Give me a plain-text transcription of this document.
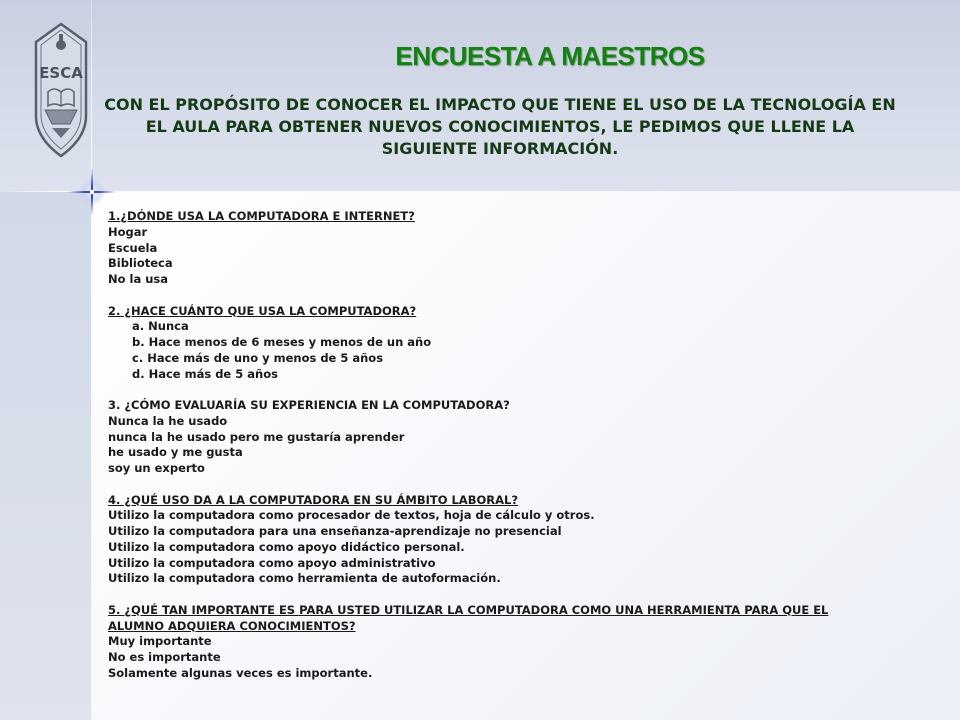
ESCA
ENCUESTA A MAESTROS
CON EL PROPÓSITO DE CONOCER EL IMPACTO QUE TIENE EL USO DE LA TECNOLOGÍA EN EL AULA PARA OBTENER NUEVOS CONOCIMIENTOS, LE PEDIMOS QUE LLENE LA SIGUIENTE INFORMACIÓN.
1.¿DÓNDE USA LA COMPUTADORA E INTERNET?
Hogar
Escuela
Biblioteca
No la usa
2. ¿HACE CUÁNTO QUE USA LA COMPUTADORA?
a. Nunca
b. Hace menos de 6 meses y menos de un año
c. Hace más de uno y menos de 5 años
d. Hace más de 5 años
3. ¿CÓMO EVALUARÍA SU EXPERIENCIA EN LA COMPUTADORA?
Nunca la he usado
nunca la he usado pero me gustaría aprender
he usado y me gusta
soy un experto
4. ¿QUÉ USO DA A LA COMPUTADORA EN SU ÁMBITO LABORAL?
Utilizo la computadora como procesador de textos, hoja de cálculo y otros.
Utilizo la computadora para una enseñanza-aprendizaje no presencial
Utilizo la computadora como apoyo didáctico personal.
Utilizo la computadora como apoyo administrativo
Utilizo la computadora como herramienta de autoformación.
5. ¿QUÉ TAN IMPORTANTE ES PARA USTED UTILIZAR LA COMPUTADORA COMO UNA HERRAMIENTA PARA QUE EL
ALUMNO ADQUIERA CONOCIMIENTOS?
Muy importante
No es importante
Solamente algunas veces es importante.
